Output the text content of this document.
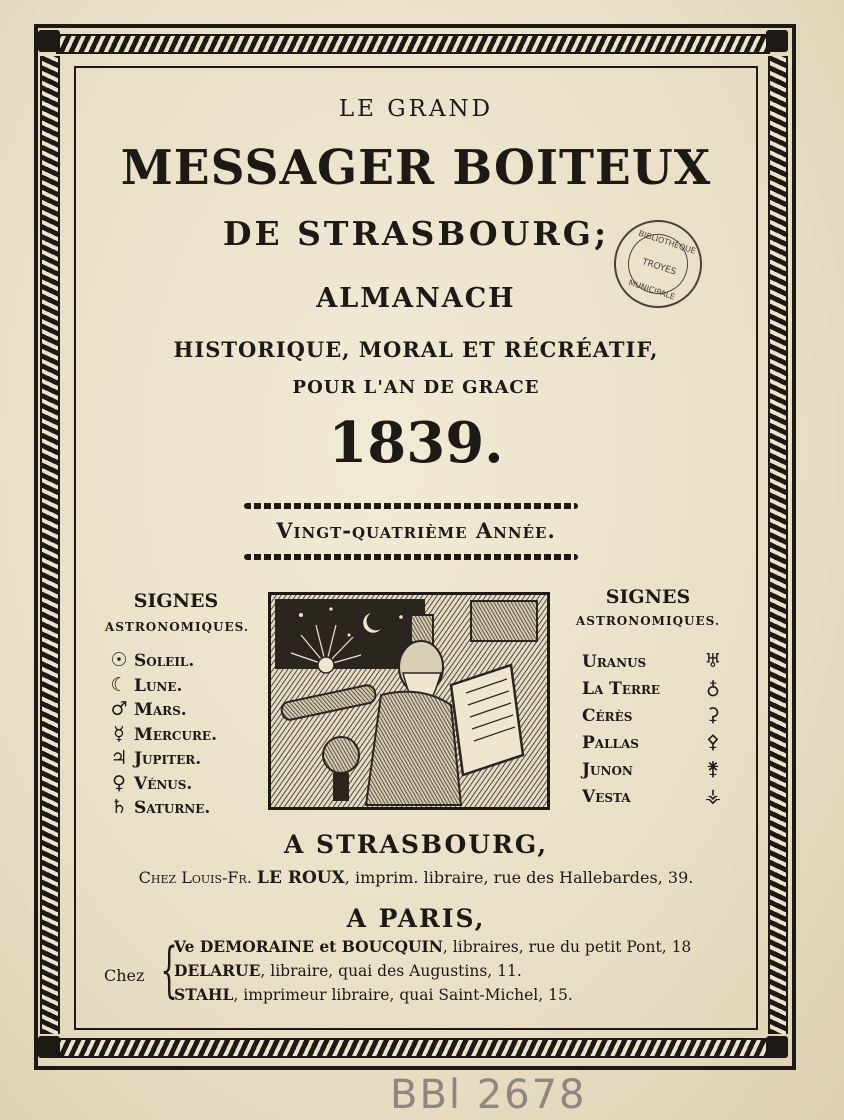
LE GRAND
MESSAGER BOITEUX
DE STRASBOURG;
ALMANACH
HISTORIQUE, MORAL ET RÉCRÉATIF,
POUR L'AN DE GRACE
1839.
BIBLIOTHÈQUE
TROYES
MUNICIPALE
Vingt-quatrième Année.
SIGNES
ASTRONOMIQUES.
☉ Soleil.
☾ Lune.
♂ Mars.
☿ Mercure.
♃ Jupiter.
♀ Vénus.
♄ Saturne.
SIGNES
ASTRONOMIQUES.
Uranus	♅
La Terre ♁
Cérès	⚳
Pallas	⚴
Junon	⚵
Vesta	⚶
A STRASBOURG,
Chez Louis-Fr. LE ROUX, imprim. libraire, rue des Hallebardes, 39.
A PARIS,
Chez {
Ve DEMORAINE et BOUCQUIN, libraires, rue du petit Pont, 18
DELARUE, libraire, quai des Augustins, 11.
STAHL, imprimeur libraire, quai Saint-Michel, 15.
BBl 2678
